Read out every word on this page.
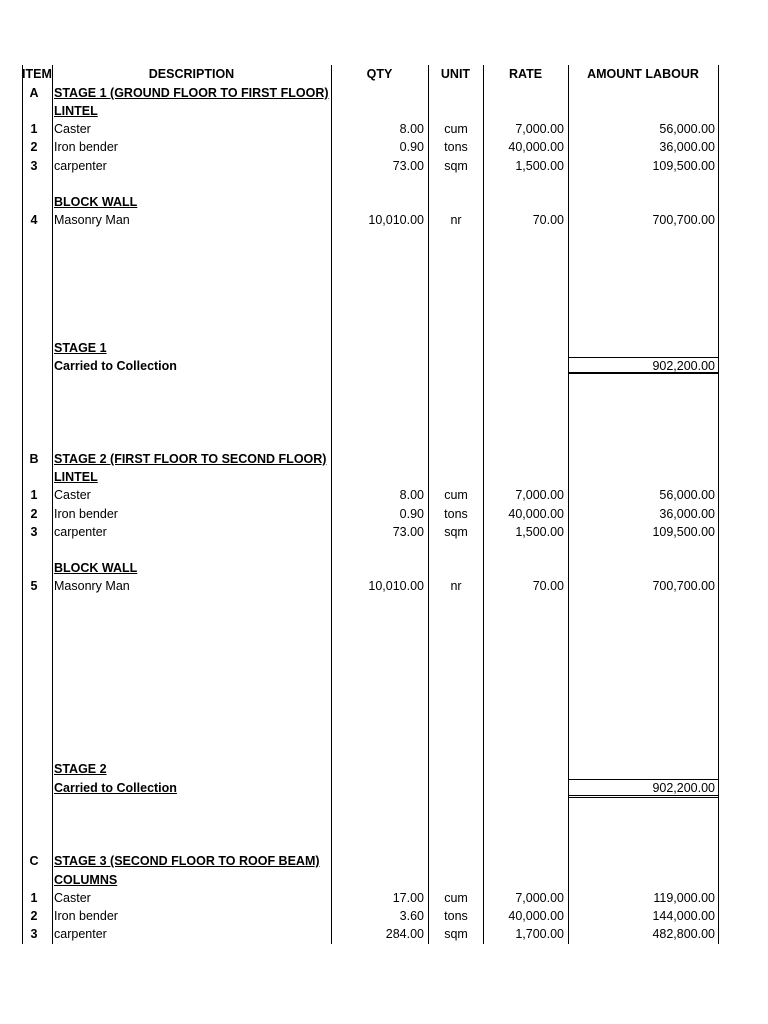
ITEM	DESCRIPTION	QTY	UNIT	RATE	AMOUNT LABOUR
A	STAGE 1 (GROUND FLOOR TO FIRST FLOOR)
LINTEL
1	Caster	8.00	cum	7,000.00	56,000.00
2	Iron bender	0.90	tons	40,000.00	36,000.00
3	carpenter	73.00	sqm	1,500.00	109,500.00
BLOCK WALL
4	Masonry Man	10,010.00	nr	70.00	700,700.00
STAGE 1
Carried to Collection	902,200.00
B	STAGE 2 (FIRST FLOOR TO SECOND FLOOR)
LINTEL
1	Caster	8.00	cum	7,000.00	56,000.00
2	Iron bender	0.90	tons	40,000.00	36,000.00
3	carpenter	73.00	sqm	1,500.00	109,500.00
BLOCK WALL
5	Masonry Man	10,010.00	nr	70.00	700,700.00
STAGE 2
Carried to Collection	902,200.00
C	STAGE 3 (SECOND FLOOR TO ROOF BEAM)
COLUMNS
1	Caster	17.00	cum	7,000.00	119,000.00
2	Iron bender	3.60	tons	40,000.00	144,000.00
3	carpenter	284.00	sqm	1,700.00	482,800.00
